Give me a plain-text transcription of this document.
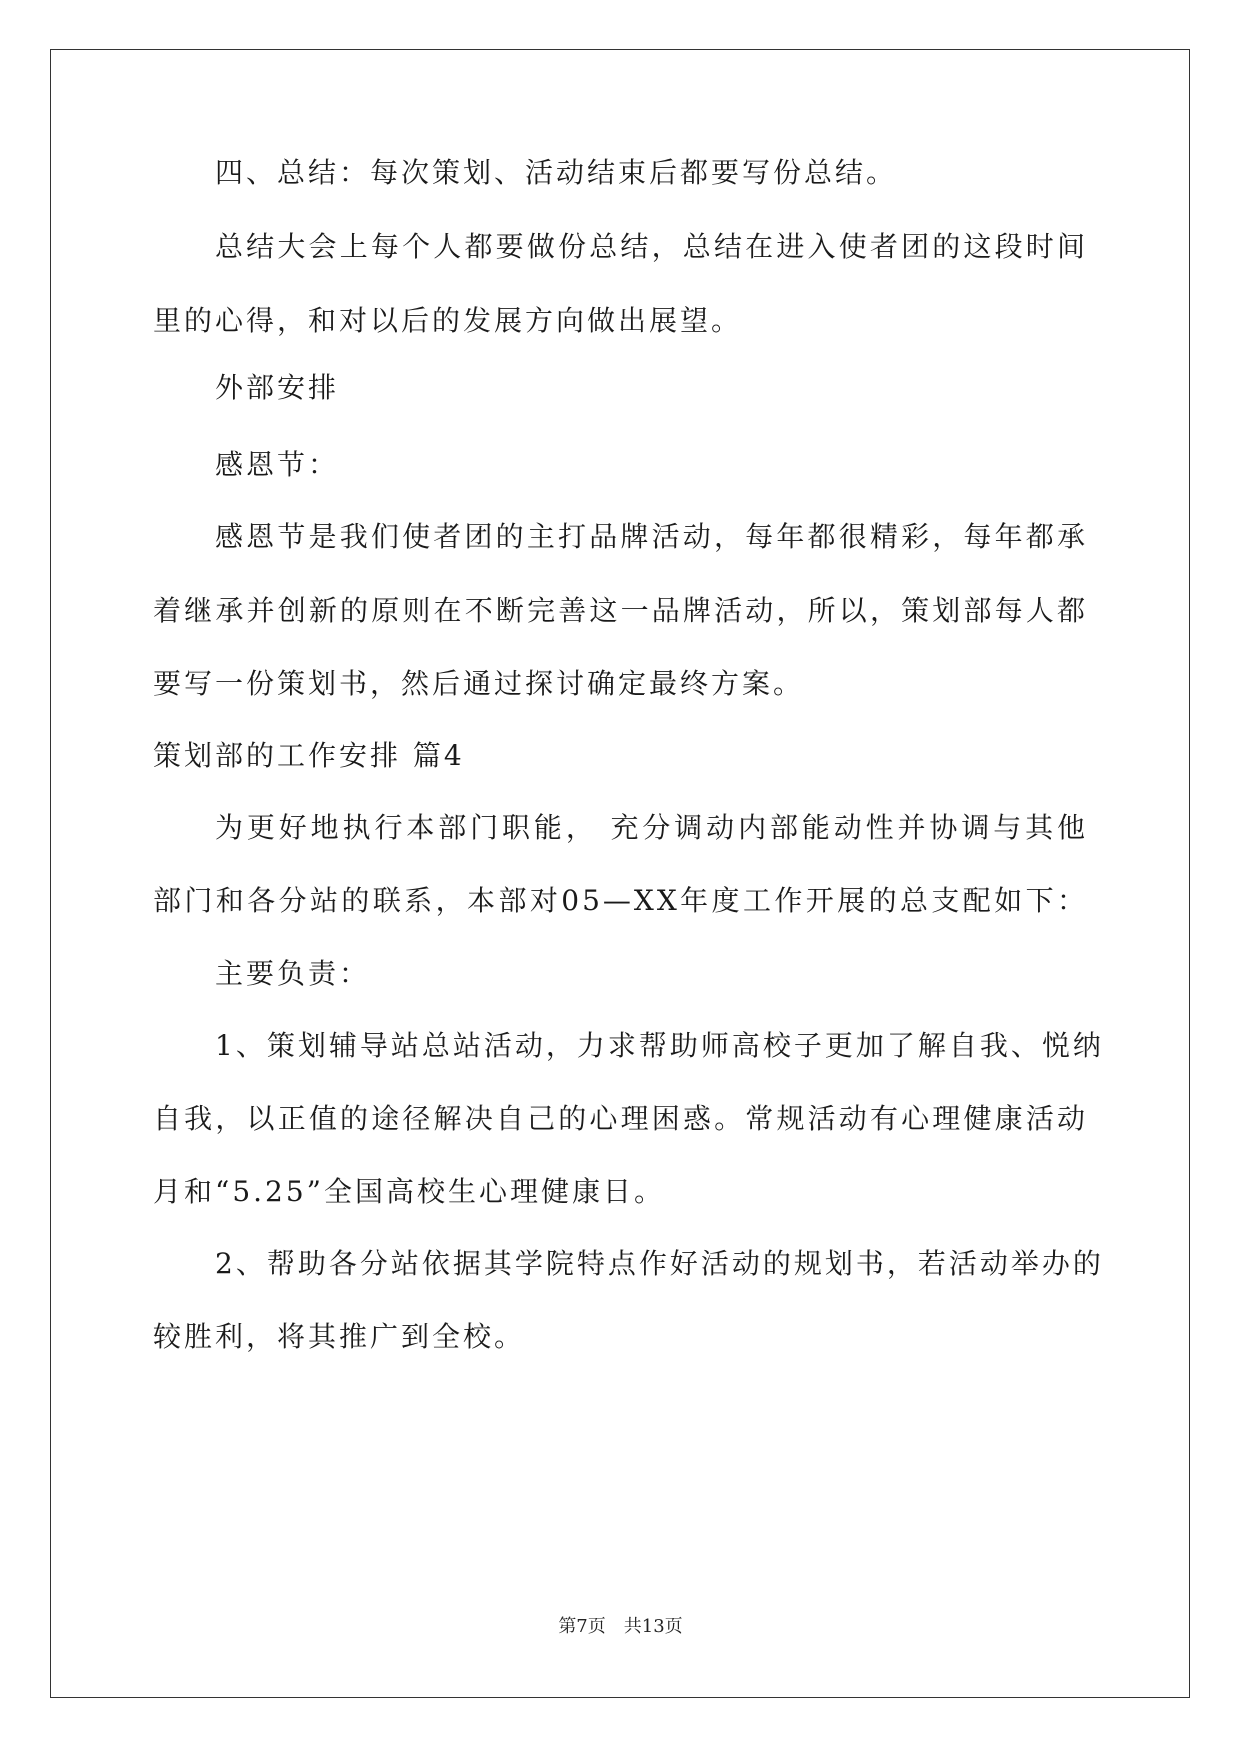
四、总结：每次策划、活动结束后都要写份总结。
总结大会上每个人都要做份总结，总结在进入使者团的这段时间
里的心得，和对以后的发展方向做出展望。
外部安排
感恩节：
感恩节是我们使者团的主打品牌活动，每年都很精彩，每年都承
着继承并创新的原则在不断完善这一品牌活动，所以，策划部每人都
要写一份策划书，然后通过探讨确定最终方案。
策划部的工作安排 篇4
为更好地执行本部门职能， 充分调动内部能动性并协调与其他
部门和各分站的联系，本部对05—XX年度工作开展的总支配如下：
主要负责：
1、策划辅导站总站活动，力求帮助师高校子更加了解自我、悦纳
自我，以正值的途径解决自己的心理困惑。常规活动有心理健康活动
月和“5.25”全国高校生心理健康日。
2、帮助各分站依据其学院特点作好活动的规划书，若活动举办的
较胜利，将其推广到全校。
第7页　共13页
